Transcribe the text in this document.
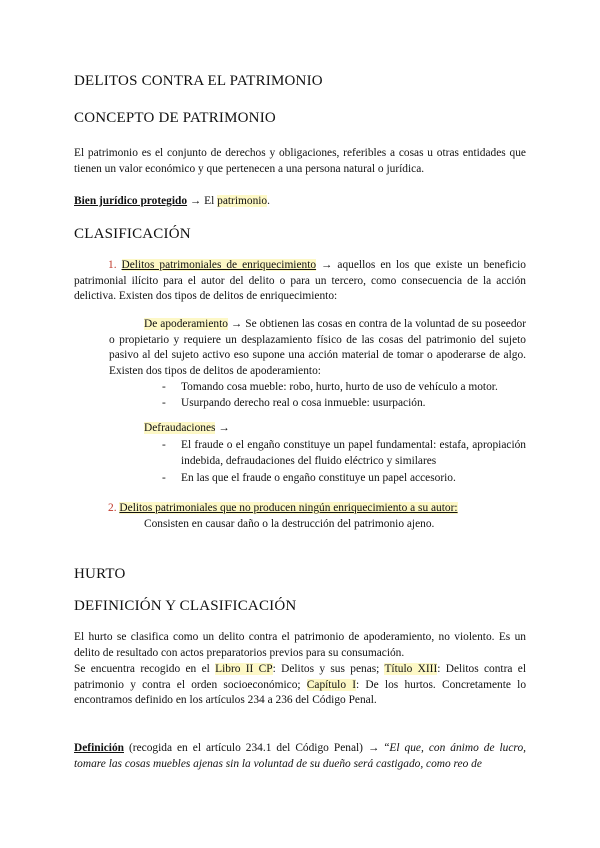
DELITOS CONTRA EL PATRIMONIO
CONCEPTO DE PATRIMONIO
El patrimonio es el conjunto de derechos y obligaciones, referibles a cosas u otras entidades que tienen un valor económico y que pertenecen a una persona natural o jurídica.
Bien jurídico protegido → El patrimonio.
CLASIFICACIÓN
1. Delitos patrimoniales de enriquecimiento → aquellos en los que existe un beneficio patrimonial ilícito para el autor del delito o para un tercero, como consecuencia de la acción delictiva. Existen dos tipos de delitos de enriquecimiento:
De apoderamiento → Se obtienen las cosas en contra de la voluntad de su poseedor o propietario y requiere un desplazamiento físico de las cosas del patrimonio del sujeto pasivo al del sujeto activo eso supone una acción material de tomar o apoderarse de algo. Existen dos tipos de delitos de apoderamiento:
- Tomando cosa mueble: robo, hurto, hurto de uso de vehículo a motor.
- Usurpando derecho real o cosa inmueble: usurpación.
Defraudaciones →
- El fraude o el engaño constituye un papel fundamental: estafa, apropiación indebida, defraudaciones del fluido eléctrico y similares
- En las que el fraude o engaño constituye un papel accesorio.
2. Delitos patrimoniales que no producen ningún enriquecimiento a su autor:
Consisten en causar daño o la destrucción del patrimonio ajeno.
HURTO
DEFINICIÓN Y CLASIFICACIÓN
El hurto se clasifica como un delito contra el patrimonio de apoderamiento, no violento. Es un delito de resultado con actos preparatorios previos para su consumación.
Se encuentra recogido en el Libro II CP: Delitos y sus penas; Título XIII: Delitos contra el patrimonio y contra el orden socioeconómico; Capítulo I: De los hurtos. Concretamente lo encontramos definido en los artículos 234 a 236 del Código Penal.
Definición (recogida en el artículo 234.1 del Código Penal) → “El que, con ánimo de lucro, tomare las cosas muebles ajenas sin la voluntad de su dueño será castigado, como reo de
